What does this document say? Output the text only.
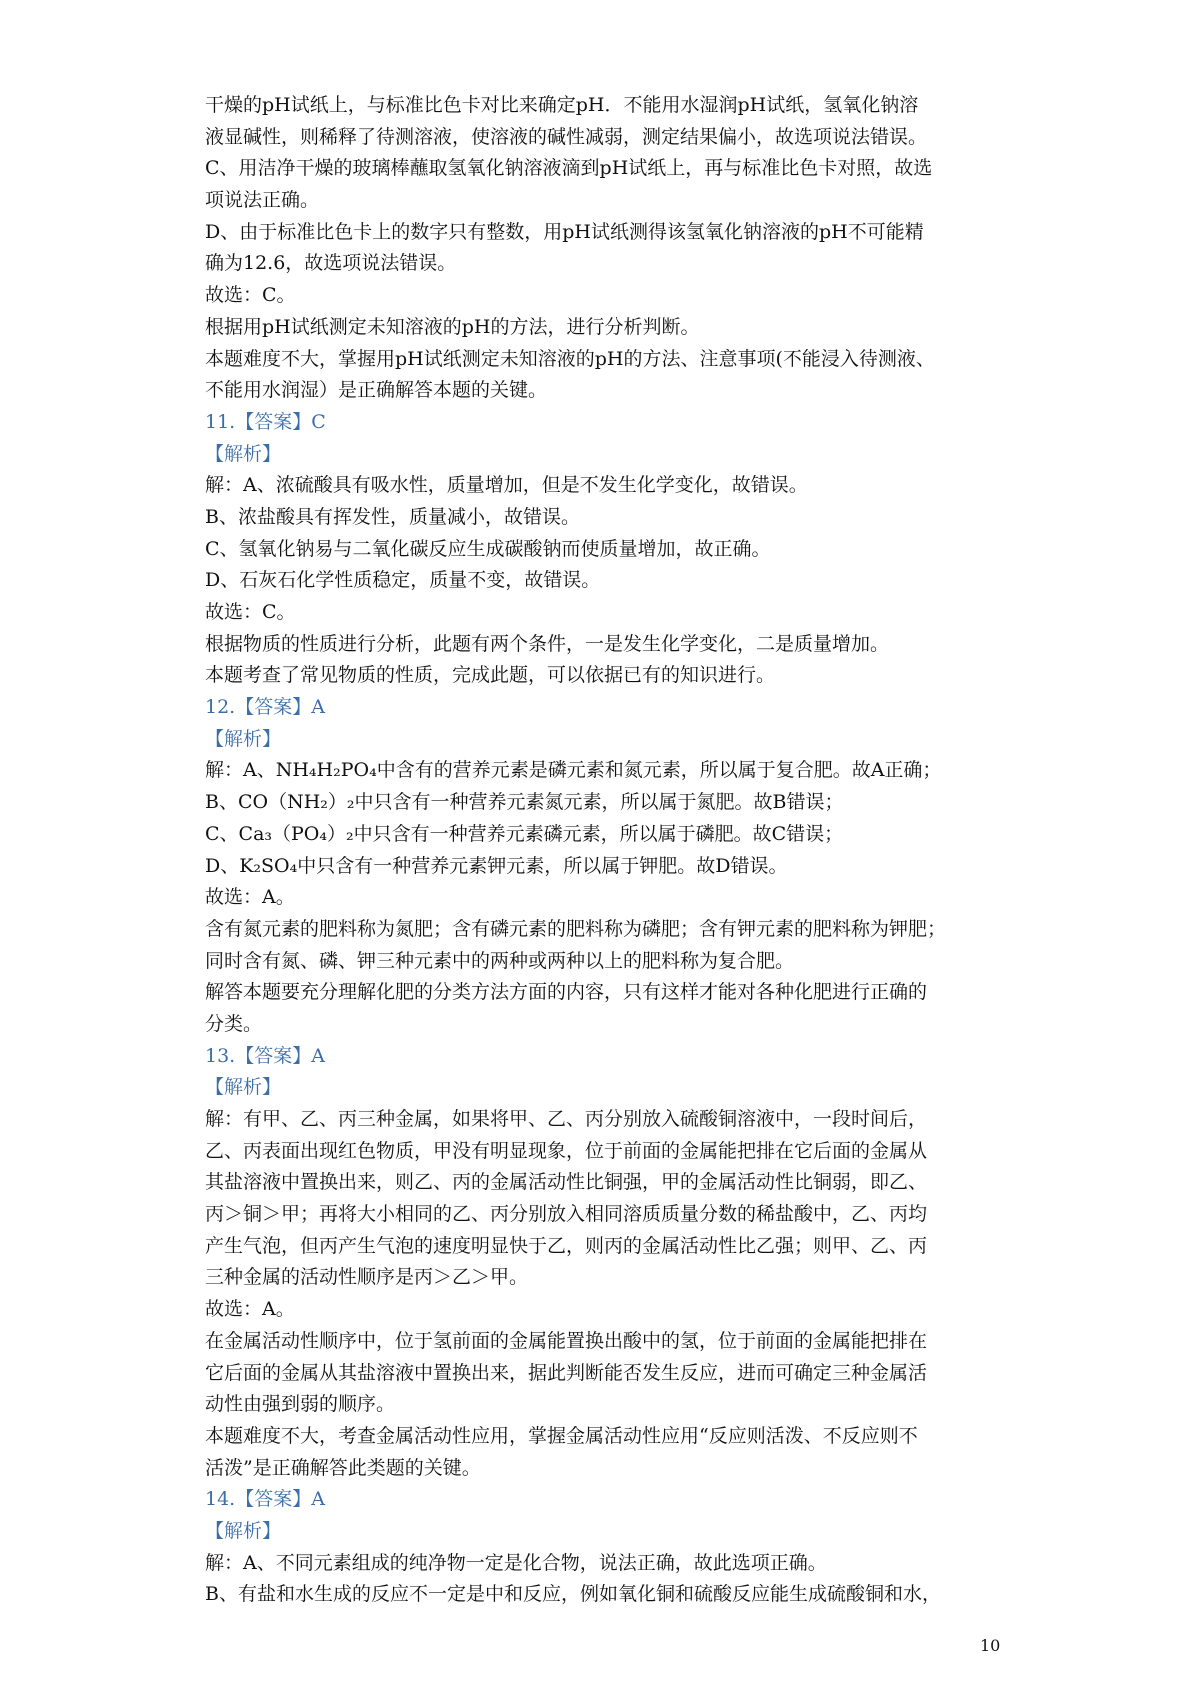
干燥的pH试纸上，与标准比色卡对比来确定pH．不能用水湿润pH试纸，氢氧化钠溶
液显碱性，则稀释了待测溶液，使溶液的碱性减弱，测定结果偏小，故选项说法错误。
C、用洁净干燥的玻璃棒蘸取氢氧化钠溶液滴到pH试纸上，再与标准比色卡对照，故选
项说法正确。
D、由于标准比色卡上的数字只有整数，用pH试纸测得该氢氧化钠溶液的pH不可能精
确为12.6，故选项说法错误。
故选：C。
根据用pH试纸测定未知溶液的pH的方法，进行分析判断。
本题难度不大，掌握用pH试纸测定未知溶液的pH的方法、注意事项(不能浸入待测液、
不能用水润湿）是正确解答本题的关键。
11.【答案】C
【解析】
解：A、浓硫酸具有吸水性，质量增加，但是不发生化学变化，故错误。
B、浓盐酸具有挥发性，质量减小，故错误。
C、氢氧化钠易与二氧化碳反应生成碳酸钠而使质量增加，故正确。
D、石灰石化学性质稳定，质量不变，故错误。
故选：C。
根据物质的性质进行分析，此题有两个条件，一是发生化学变化，二是质量增加。
本题考查了常见物质的性质，完成此题，可以依据已有的知识进行。
12.【答案】A
【解析】
解：A、NH₄H₂PO₄中含有的营养元素是磷元素和氮元素，所以属于复合肥。故A正确；
B、CO（NH₂）₂中只含有一种营养元素氮元素，所以属于氮肥。故B错误；
C、Ca₃（PO₄）₂中只含有一种营养元素磷元素，所以属于磷肥。故C错误；
D、K₂SO₄中只含有一种营养元素钾元素，所以属于钾肥。故D错误。
故选：A。
含有氮元素的肥料称为氮肥；含有磷元素的肥料称为磷肥；含有钾元素的肥料称为钾肥；
同时含有氮、磷、钾三种元素中的两种或两种以上的肥料称为复合肥。
解答本题要充分理解化肥的分类方法方面的内容，只有这样才能对各种化肥进行正确的
分类。
13.【答案】A
【解析】
解：有甲、乙、丙三种金属，如果将甲、乙、丙分别放入硫酸铜溶液中，一段时间后，
乙、丙表面出现红色物质，甲没有明显现象，位于前面的金属能把排在它后面的金属从
其盐溶液中置换出来，则乙、丙的金属活动性比铜强，甲的金属活动性比铜弱，即乙、
丙＞铜＞甲；再将大小相同的乙、丙分别放入相同溶质质量分数的稀盐酸中，乙、丙均
产生气泡，但丙产生气泡的速度明显快于乙，则丙的金属活动性比乙强；则甲、乙、丙
三种金属的活动性顺序是丙＞乙＞甲。
故选：A。
在金属活动性顺序中，位于氢前面的金属能置换出酸中的氢，位于前面的金属能把排在
它后面的金属从其盐溶液中置换出来，据此判断能否发生反应，进而可确定三种金属活
动性由强到弱的顺序。
本题难度不大，考查金属活动性应用，掌握金属活动性应用“反应则活泼、不反应则不
活泼”是正确解答此类题的关键。
14.【答案】A
【解析】
解：A、不同元素组成的纯净物一定是化合物，说法正确，故此选项正确。
B、有盐和水生成的反应不一定是中和反应，例如氧化铜和硫酸反应能生成硫酸铜和水，
10
